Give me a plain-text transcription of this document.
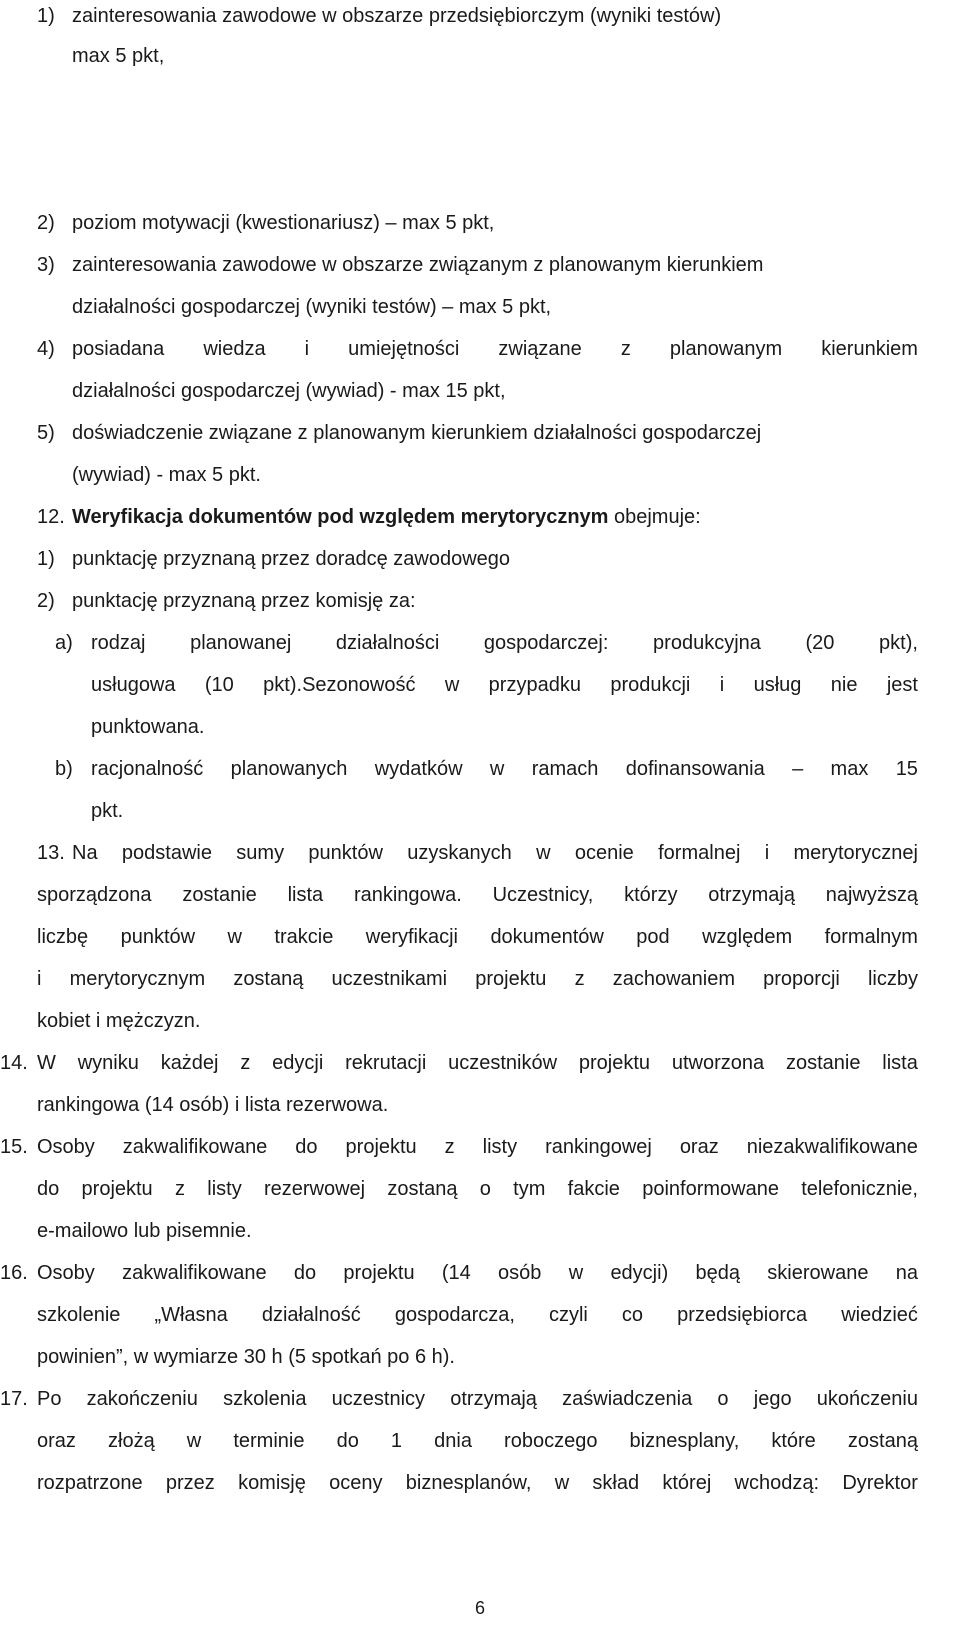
1) zainteresowania zawodowe w obszarze przedsiębiorczym (wyniki testów)
max 5 pkt,
2) poziom motywacji (kwestionariusz) – max 5 pkt,
3) zainteresowania zawodowe w obszarze związanym z planowanym kierunkiem
działalności gospodarczej (wyniki testów) – max 5 pkt,
4) posiadana wiedza i umiejętności związane z planowanym kierunkiem
działalności gospodarczej (wywiad) - max 15 pkt,
5) doświadczenie związane z planowanym kierunkiem działalności gospodarczej
(wywiad) - max 5 pkt.
12. Weryfikacja dokumentów pod względem merytorycznym obejmuje:
1) punktację przyznaną przez doradcę zawodowego
2) punktację przyznaną przez komisję za:
a) rodzaj planowanej działalności gospodarczej: produkcyjna (20 pkt),
usługowa (10 pkt).Sezonowość w przypadku produkcji i usług nie jest
punktowana.
b) racjonalność planowanych wydatków w ramach dofinansowania – max 15
pkt.
13. Na podstawie sumy punktów uzyskanych w ocenie formalnej i merytorycznej
sporządzona zostanie lista rankingowa. Uczestnicy, którzy otrzymają najwyższą
liczbę punktów w trakcie weryfikacji dokumentów pod względem formalnym
i merytorycznym zostaną uczestnikami projektu z zachowaniem proporcji liczby
kobiet i mężczyzn.
14. W wyniku każdej z edycji rekrutacji uczestników projektu utworzona zostanie lista
rankingowa (14 osób) i lista rezerwowa.
15. Osoby zakwalifikowane do projektu z listy rankingowej oraz niezakwalifikowane
do projektu z listy rezerwowej zostaną o tym fakcie poinformowane telefonicznie,
e-mailowo lub pisemnie.
16. Osoby zakwalifikowane do projektu (14 osób w edycji) będą skierowane na
szkolenie „Własna działalność gospodarcza, czyli co przedsiębiorca wiedzieć
powinien”, w wymiarze 30 h (5 spotkań po 6 h).
17. Po zakończeniu szkolenia uczestnicy otrzymają zaświadczenia o jego ukończeniu
oraz złożą w terminie do 1 dnia roboczego biznesplany, które zostaną
rozpatrzone przez komisję oceny biznesplanów, w skład której wchodzą: Dyrektor
6
